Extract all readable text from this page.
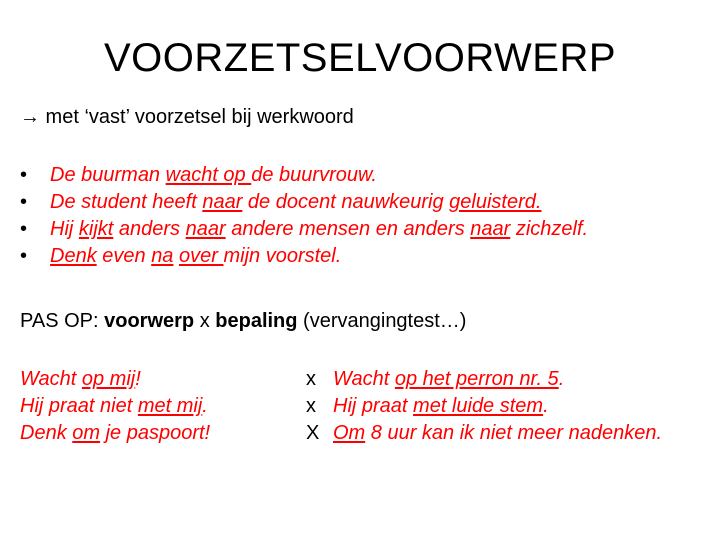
VOORZETSELVOORWERP
→ met ‘vast’ voorzetsel bij werkwoord
• De buurman wacht op de buurvrouw.
• De student heeft naar de docent nauwkeurig geluisterd.
• Hij kijkt anders naar andere mensen en anders naar zichzelf.
• Denk even na over mijn voorstel.
PAS OP: voorwerp x bepaling (vervangingtest…)
Wacht op mij!
Hij praat niet met mij.
Denk om je paspoort!
x
x
X
Wacht op het perron nr. 5.
Hij praat met luide stem.
Om 8 uur kan ik niet meer nadenken.
